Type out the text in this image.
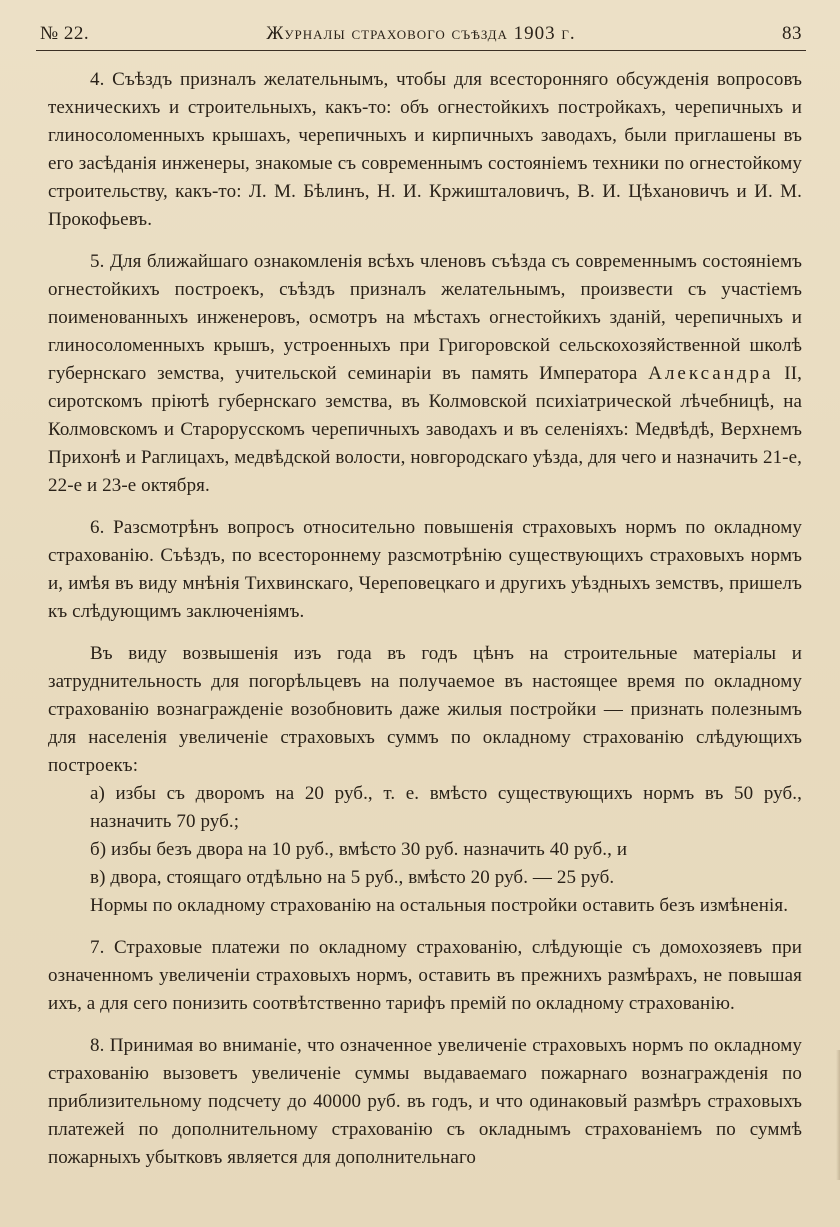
№ 22.	Журналы страхового съѣзда 1903 г.	83

4. Съѣздъ призналъ желательнымъ, чтобы для всесторонняго обсужденія вопросовъ техническихъ и строительныхъ, какъ-то: объ огнестойкихъ постройкахъ, черепичныхъ и глиносоломенныхъ крышахъ, черепичныхъ и кирпичныхъ заводахъ, были приглашены въ его засѣданія инженеры, знакомые съ современнымъ состояніемъ техники по огнестойкому строительству, какъ-то: Л. М. Бѣлинъ, Н. И. Кржишталовичъ, В. И. Цѣхановичъ и И. М. Прокофьевъ.

5. Для ближайшаго ознакомленія всѣхъ членовъ съѣзда съ современнымъ состояніемъ огнестойкихъ построекъ, съѣздъ призналъ желательнымъ, произвести съ участіемъ поименованныхъ инженеровъ, осмотръ на мѣстахъ огнестойкихъ зданій, черепичныхъ и глиносоломенныхъ крышъ, устроенныхъ при Григоровской сельскохозяйственной школѣ губернскаго земства, учительской семинаріи въ память Императора Александра II, сиротскомъ пріютѣ губернскаго земства, въ Колмовской психіатрической лѣчебницѣ, на Колмовскомъ и Старорусскомъ черепичныхъ заводахъ и въ селеніяхъ: Медвѣдѣ, Верхнемъ Прихонѣ и Раглицахъ, медвѣдской волости, новгородскаго уѣзда, для чего и назначить 21-е, 22-е и 23-е октября.

6. Разсмотрѣнъ вопросъ относительно повышенія страховыхъ нормъ по окладному страхованію. Съѣздъ, по всестороннему разсмотрѣнію существующихъ страховыхъ нормъ и, имѣя въ виду мнѣнія Тихвинскаго, Череповецкаго и другихъ уѣздныхъ земствъ, пришелъ къ слѣдующимъ заключеніямъ.

Въ виду возвышенія изъ года въ годъ цѣнъ на строительные матеріалы и затруднительность для погорѣльцевъ на получаемое въ настоящее время по окладному страхованію вознагражденіе возобновить даже жилыя постройки — признать полезнымъ для населенія увеличеніе страховыхъ суммъ по окладному страхованію слѣдующихъ построекъ:

а) избы съ дворомъ на 20 руб., т. е. вмѣсто существующихъ нормъ въ 50 руб., назначить 70 руб.;

б) избы безъ двора на 10 руб., вмѣсто 30 руб. назначить 40 руб., и

в) двора, стоящаго отдѣльно на 5 руб., вмѣсто 20 руб. — 25 руб.

Нормы по окладному страхованію на остальныя постройки оставить безъ измѣненія.

7. Страховые платежи по окладному страхованію, слѣдующіе съ домохозяевъ при означенномъ увеличеніи страховыхъ нормъ, оставить въ прежнихъ размѣрахъ, не повышая ихъ, а для сего понизить соотвѣтственно тарифъ премій по окладному страхованію.

8. Принимая во вниманіе, что означенное увеличеніе страховыхъ нормъ по окладному страхованію вызоветъ увеличеніе суммы выдаваемаго пожарнаго вознагражденія по приблизительному подсчету до 40000 руб. въ годъ, и что одинаковый размѣръ страховыхъ платежей по дополнительному страхованію съ окладнымъ страхованіемъ по суммѣ пожарныхъ убытковъ является для дополнительнаго
